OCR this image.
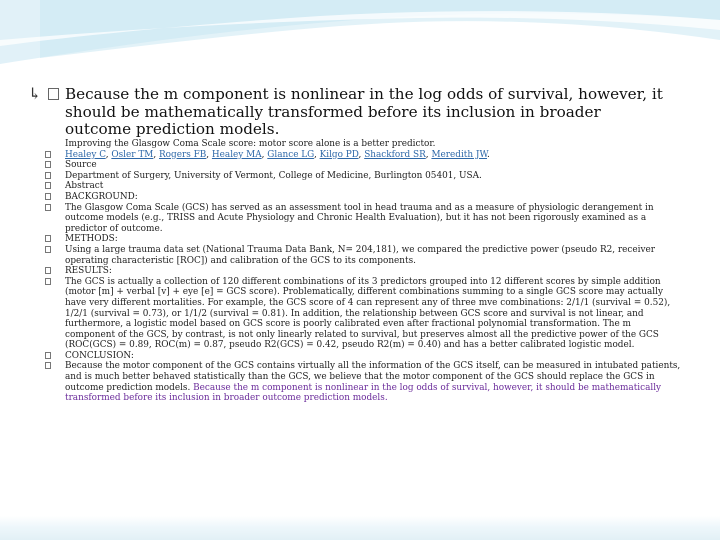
↳	Because the m component is nonlinear in the log odds of survival, however, it should be mathematically transformed before its inclusion in broader outcome prediction models.
Improving the Glasgow Coma Scale score: motor score alone is a better predictor.
Healey C, Osler TM, Rogers FB, Healey MA, Glance LG, Kilgo PD, Shackford SR, Meredith JW.
Source
Department of Surgery, University of Vermont, College of Medicine, Burlington 05401, USA.
Abstract
BACKGROUND:
The Glasgow Coma Scale (GCS) has served as an assessment tool in head trauma and as a measure of physiologic derangement in outcome models (e.g., TRISS and Acute Physiology and Chronic Health Evaluation), but it has not been rigorously examined as a predictor of outcome.
METHODS:
Using a large trauma data set (National Trauma Data Bank, N= 204,181), we compared the predictive power (pseudo R2, receiver operating characteristic [ROC]) and calibration of the GCS to its components.
RESULTS:
The GCS is actually a collection of 120 different combinations of its 3 predictors grouped into 12 different scores by simple addition (motor [m] + verbal [v] + eye [e] = GCS score). Problematically, different combinations summing to a single GCS score may actually have very different mortalities. For example, the GCS score of 4 can represent any of three mve combinations: 2/1/1 (survival = 0.52), 1/2/1 (survival = 0.73), or 1/1/2 (survival = 0.81). In addition, the relationship between GCS score and survival is not linear, and furthermore, a logistic model based on GCS score is poorly calibrated even after fractional polynomial transformation. The m component of the GCS, by contrast, is not only linearly related to survival, but preserves almost all the predictive power of the GCS (ROC(GCS) = 0.89, ROC(m) = 0.87, pseudo R2(GCS) = 0.42, pseudo R2(m) = 0.40) and has a better calibrated logistic model.
CONCLUSION:
Because the motor component of the GCS contains virtually all the information of the GCS itself, can be measured in intubated patients, and is much better behaved statistically than the GCS, we believe that the motor component of the GCS should replace the GCS in outcome prediction models. Because the m component is nonlinear in the log odds of survival, however, it should be mathematically transformed before its inclusion in broader outcome prediction models.
